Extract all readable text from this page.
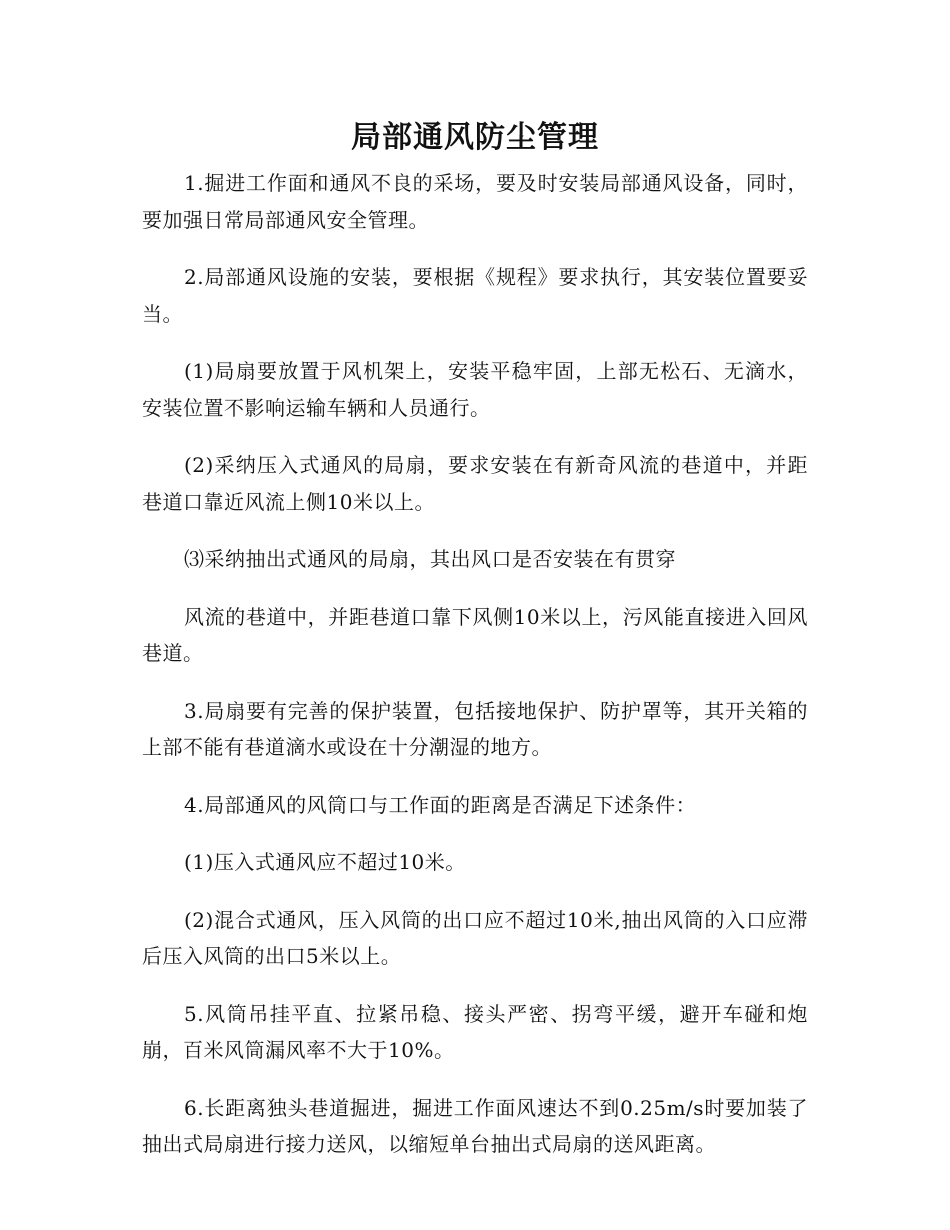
局部通风防尘管理

1.掘进工作面和通风不良的采场，要及时安装局部通风设备，同时，要加强日常局部通风安全管理。

2.局部通风设施的安装，要根据《规程》要求执行，其安装位置要妥当。

(1)局扇要放置于风机架上，安装平稳牢固，上部无松石、无滴水，安装位置不影响运输车辆和人员通行。

(2)采纳压入式通风的局扇，要求安装在有新奇风流的巷道中，并距巷道口靠近风流上侧10米以上。

⑶采纳抽出式通风的局扇，其出风口是否安装在有贯穿

风流的巷道中，并距巷道口靠下风侧10米以上，污风能直接进入回风巷道。

3.局扇要有完善的保护装置，包括接地保护、防护罩等，其开关箱的上部不能有巷道滴水或设在十分潮湿的地方。

4.局部通风的风筒口与工作面的距离是否满足下述条件：

(1)压入式通风应不超过10米。

(2)混合式通风，压入风筒的出口应不超过10米,抽出风筒的入口应滞后压入风筒的出口5米以上。

5.风筒吊挂平直、拉紧吊稳、接头严密、拐弯平缓，避开车碰和炮崩，百米风筒漏风率不大于10%。

6.长距离独头巷道掘进，掘进工作面风速达不到0.25m/s时要加装了抽出式局扇进行接力送风，以缩短单台抽出式局扇的送风距离。
